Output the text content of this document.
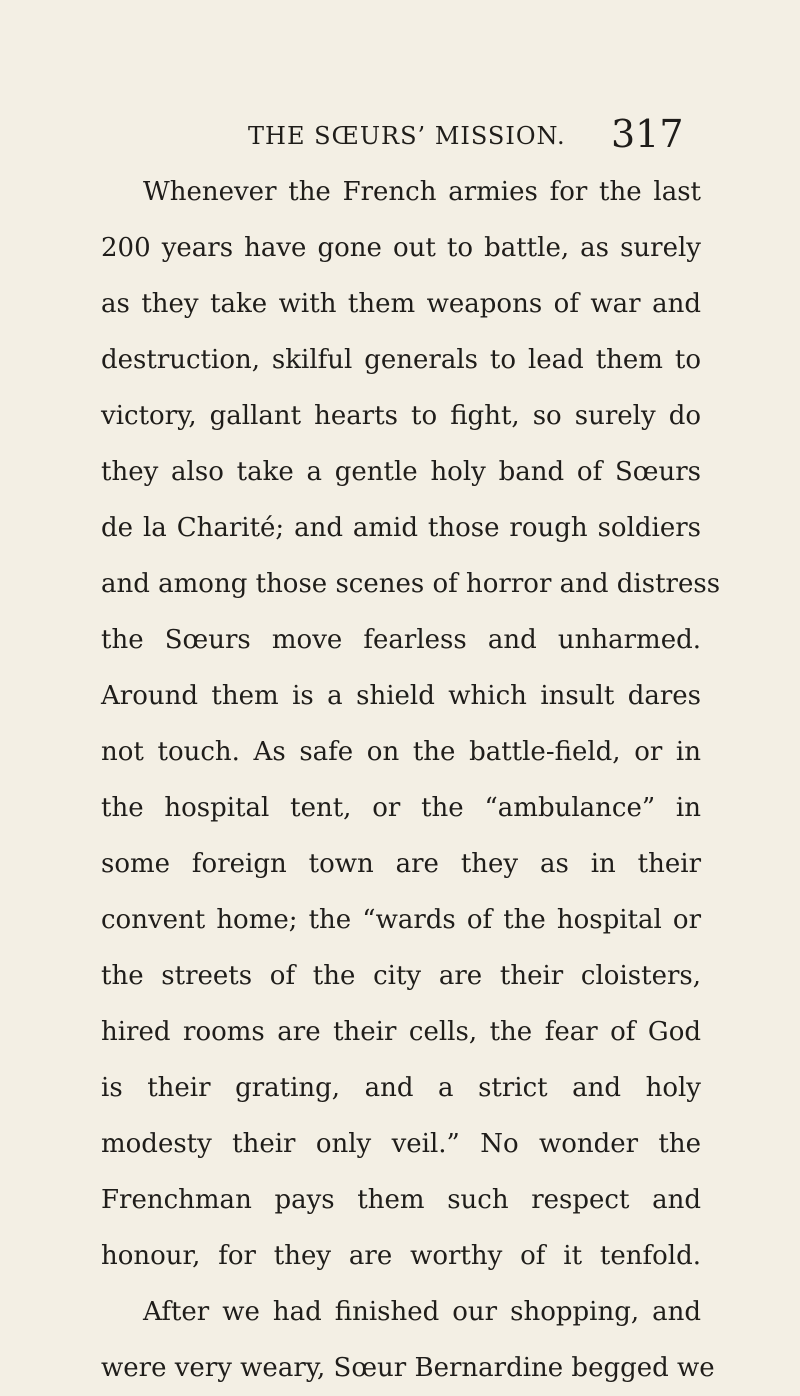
THE SŒURS’ MISSION. 317
Whenever the French armies for the last
200 years have gone out to battle, as surely
as they take with them weapons of war and
destruction, skilful generals to lead them to
victory, gallant hearts to fight, so surely do
they also take a gentle holy band of Sœurs
de la Charité; and amid those rough soldiers
and among those scenes of horror and distress
the Sœurs move fearless and unharmed.
Around them is a shield which insult dares
not touch. As safe on the battle-field, or in
the hospital tent, or the “ambulance” in
some foreign town are they as in their
convent home; the “wards of the hospital or
the streets of the city are their cloisters,
hired rooms are their cells, the fear of God
is their grating, and a strict and holy
modesty their only veil.” No wonder the
Frenchman pays them such respect and
honour, for they are worthy of it tenfold.
After we had finished our shopping, and
were very weary, Sœur Bernardine begged we
